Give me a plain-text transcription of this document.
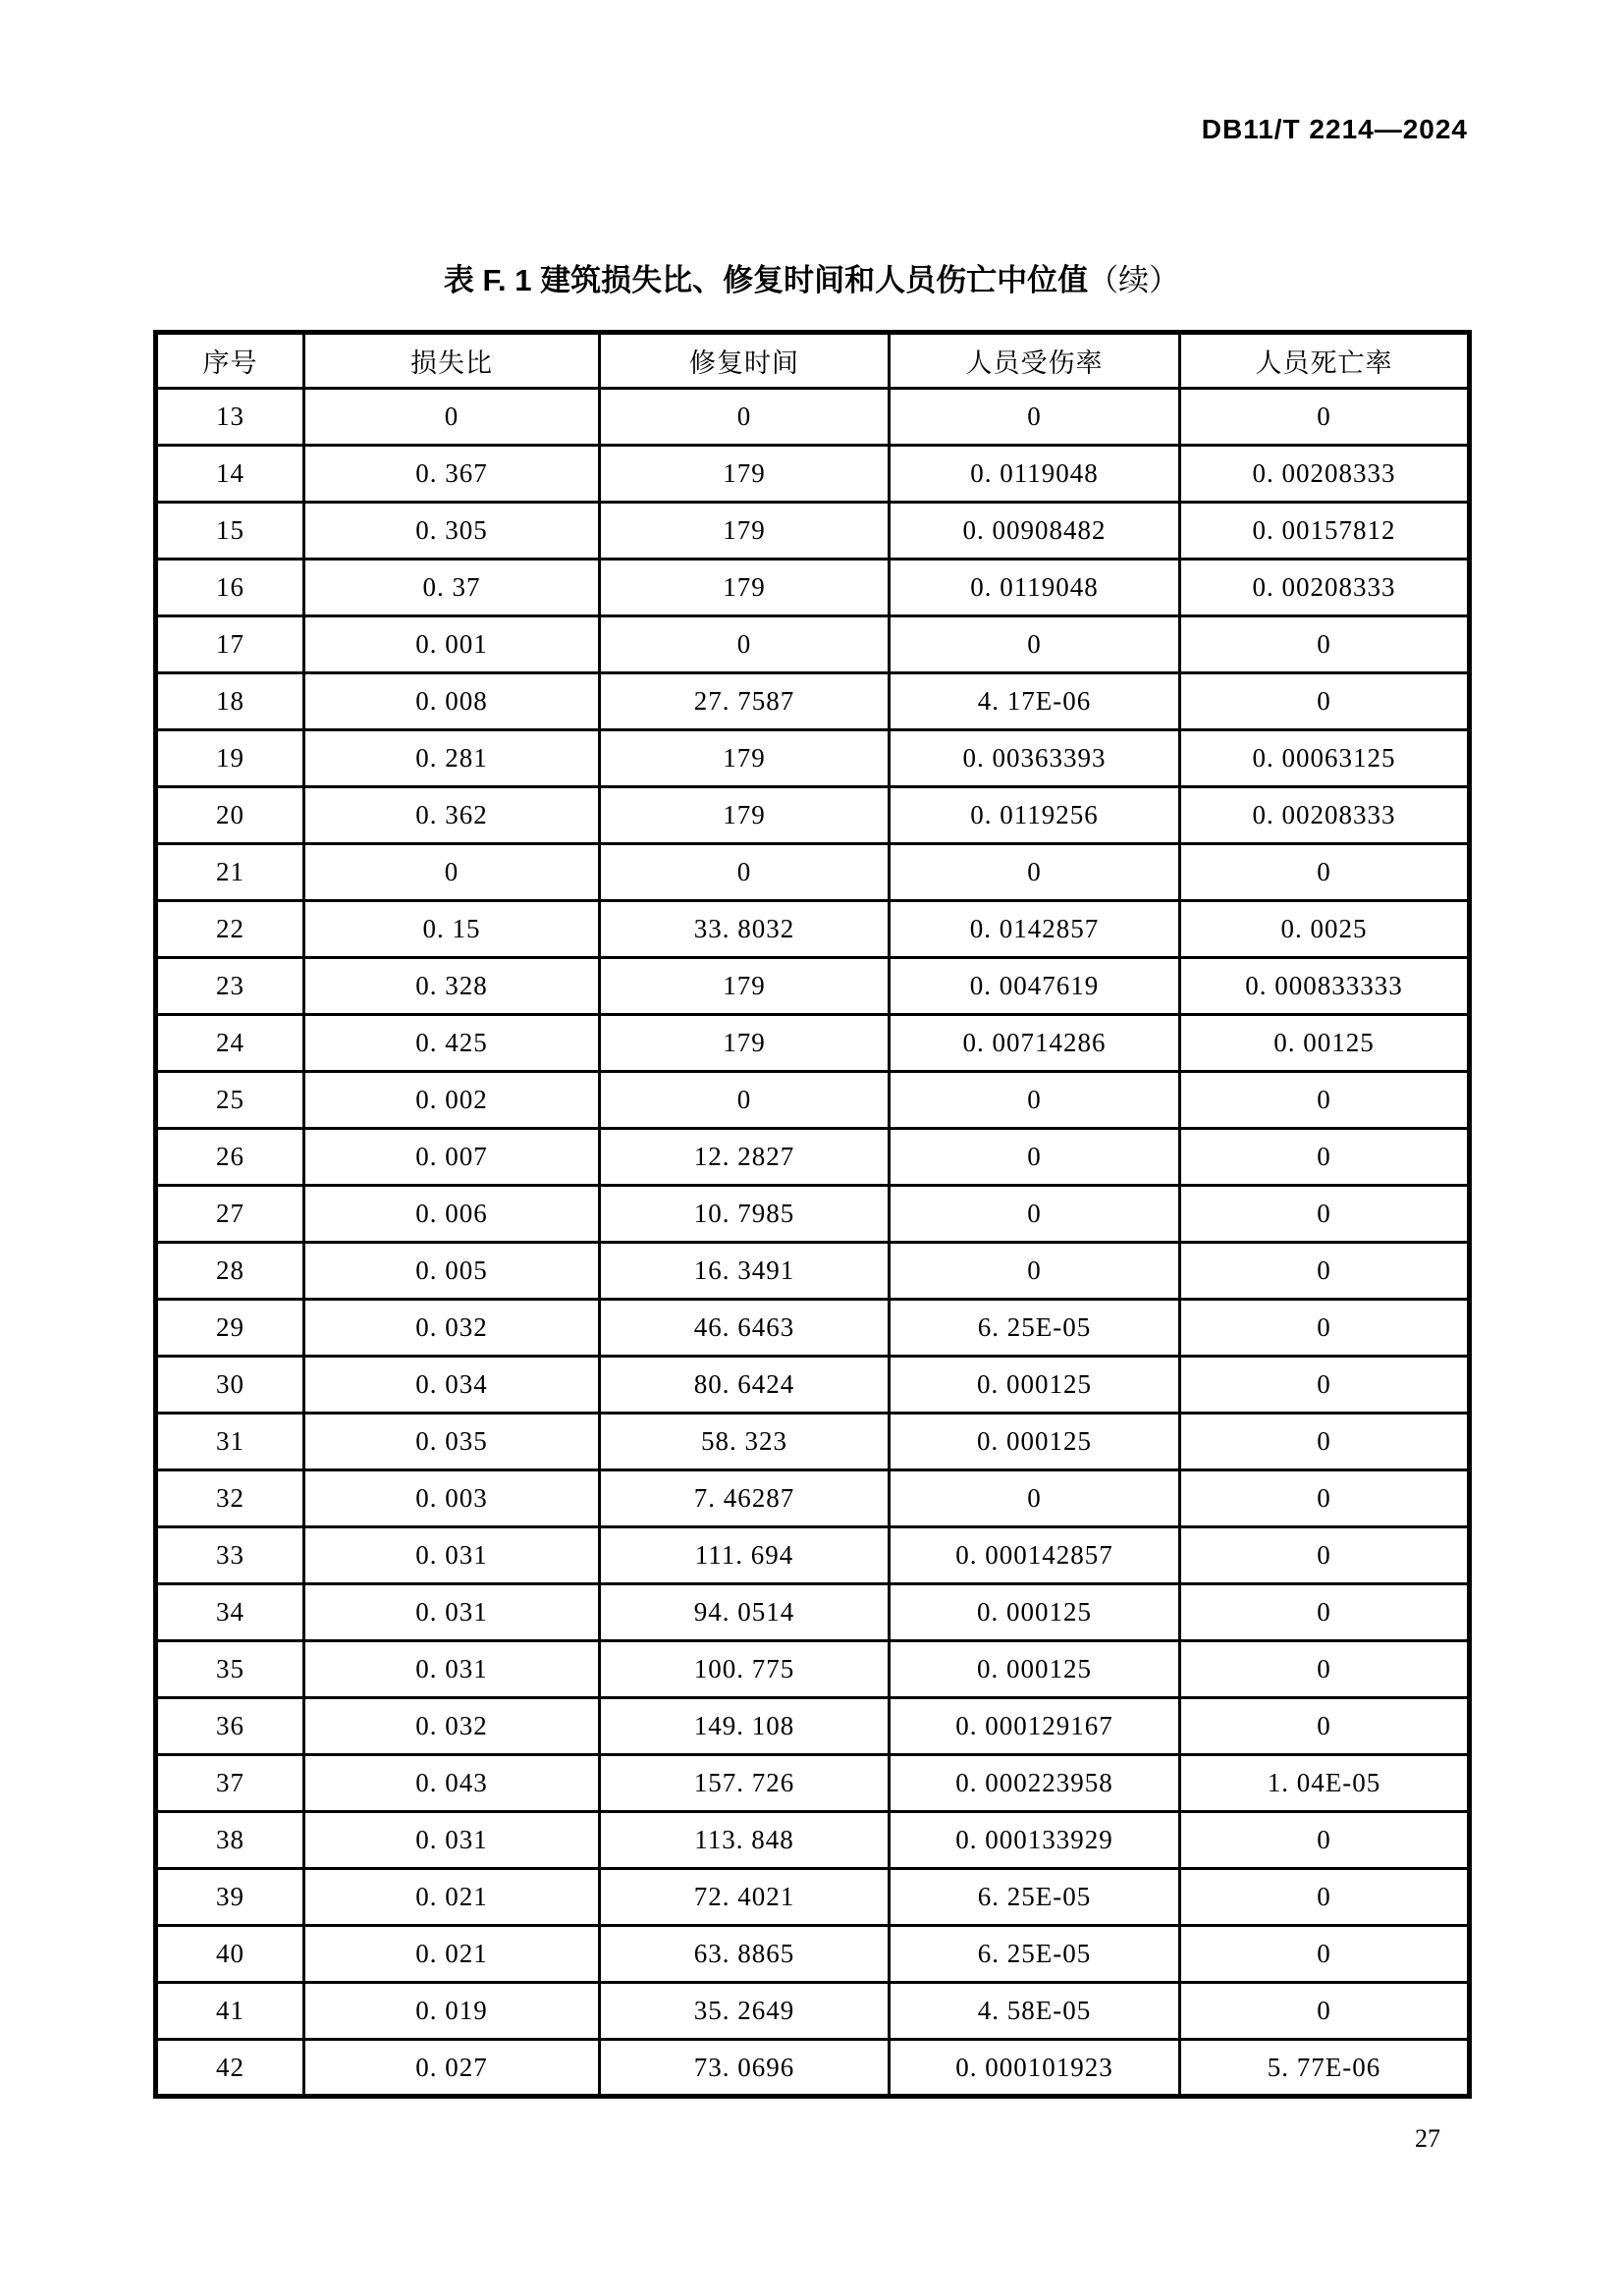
DB11/T 2214—2024
表 F. 1 建筑损失比、修复时间和人员伤亡中位值（续）
序号	损失比	修复时间	人员受伤率	人员死亡率
13	0	0	0	0
14	0. 367	179	0. 0119048	0. 00208333
15	0. 305	179	0. 00908482	0. 00157812
16	0. 37	179	0. 0119048	0. 00208333
17	0. 001	0	0	0
18	0. 008	27. 7587	4. 17E-06	0
19	0. 281	179	0. 00363393	0. 00063125
20	0. 362	179	0. 0119256	0. 00208333
21	0	0	0	0
22	0. 15	33. 8032	0. 0142857	0. 0025
23	0. 328	179	0. 0047619	0. 000833333
24	0. 425	179	0. 00714286	0. 00125
25	0. 002	0	0	0
26	0. 007	12. 2827	0	0
27	0. 006	10. 7985	0	0
28	0. 005	16. 3491	0	0
29	0. 032	46. 6463	6. 25E-05	0
30	0. 034	80. 6424	0. 000125	0
31	0. 035	58. 323	0. 000125	0
32	0. 003	7. 46287	0	0
33	0. 031	111. 694	0. 000142857	0
34	0. 031	94. 0514	0. 000125	0
35	0. 031	100. 775	0. 000125	0
36	0. 032	149. 108	0. 000129167	0
37	0. 043	157. 726	0. 000223958	1. 04E-05
38	0. 031	113. 848	0. 000133929	0
39	0. 021	72. 4021	6. 25E-05	0
40	0. 021	63. 8865	6. 25E-05	0
41	0. 019	35. 2649	4. 58E-05	0
42	0. 027	73. 0696	0. 000101923	5. 77E-06
27
